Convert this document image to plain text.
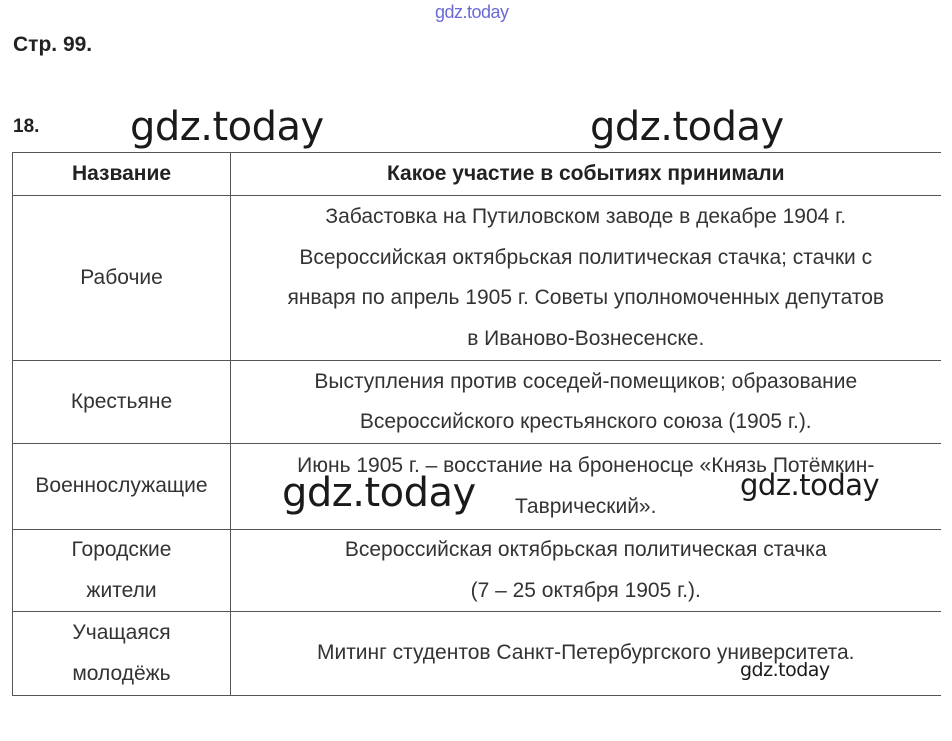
gdz.today
Стр. 99.
18.
Название	Какое участие в событиях принимали

Рабочие	Забастовка на Путиловском заводе в декабре 1904 г.
Всероссийская октябрьская политическая стачка; стачки с
января по апрель 1905 г. Советы уполномоченных депутатов
в Иваново-Вознесенске.

Крестьяне	Выступления против соседей-помещиков; образование
Всероссийского крестьянского союза (1905 г.).

Военнослужащие	Июнь 1905 г. – восстание на броненосце «Князь Потёмкин-
Таврический».

Городские
жители	Всероссийская октябрьская политическая стачка
(7 – 25 октября 1905 г.).

Учащаяся
молодёжь	Митинг студентов Санкт-Петербургского университета.
gdz.today	gdz.today
gdz.today	gdz.today
gdz.today
